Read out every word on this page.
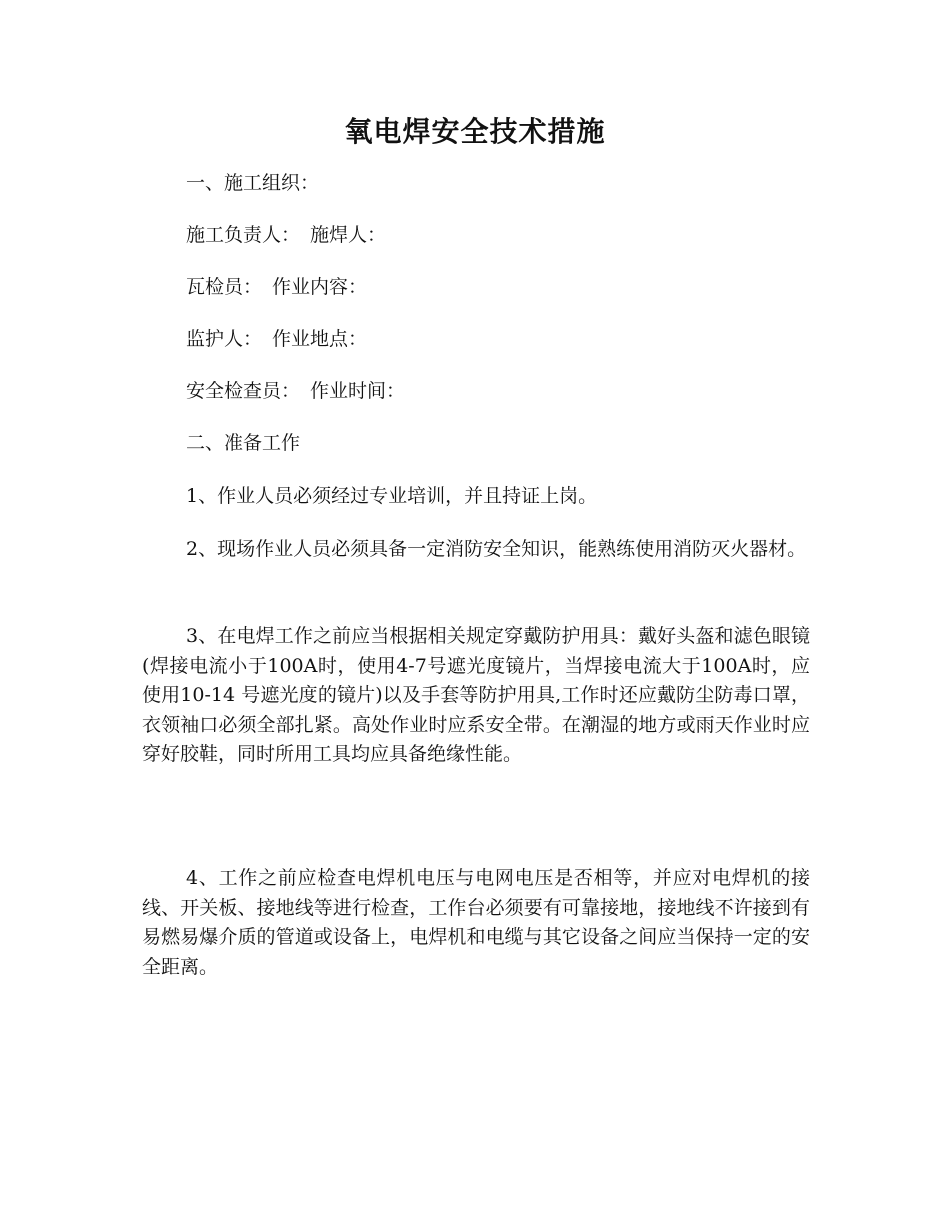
氧电焊安全技术措施

一、施工组织：

施工负责人： 施焊人：

瓦检员： 作业内容：

监护人： 作业地点：

安全检查员： 作业时间：

二、准备工作

1、作业人员必须经过专业培训，并且持证上岗。

2、现场作业人员必须具备一定消防安全知识，能熟练使用消防灭火器材。

3、在电焊工作之前应当根据相关规定穿戴防护用具：戴好头盔和滤色眼镜(焊接电流小于100A时，使用4-7号遮光度镜片，当焊接电流大于100A时，应使用10-14 号遮光度的镜片)以及手套等防护用具,工作时还应戴防尘防毒口罩，衣领袖口必须全部扎紧。高处作业时应系安全带。在潮湿的地方或雨天作业时应穿好胶鞋，同时所用工具均应具备绝缘性能。

4、工作之前应检查电焊机电压与电网电压是否相等，并应对电焊机的接线、开关板、接地线等进行检查，工作台必须要有可靠接地，接地线不许接到有易燃易爆介质的管道或设备上，电焊机和电缆与其它设备之间应当保持一定的安全距离。
